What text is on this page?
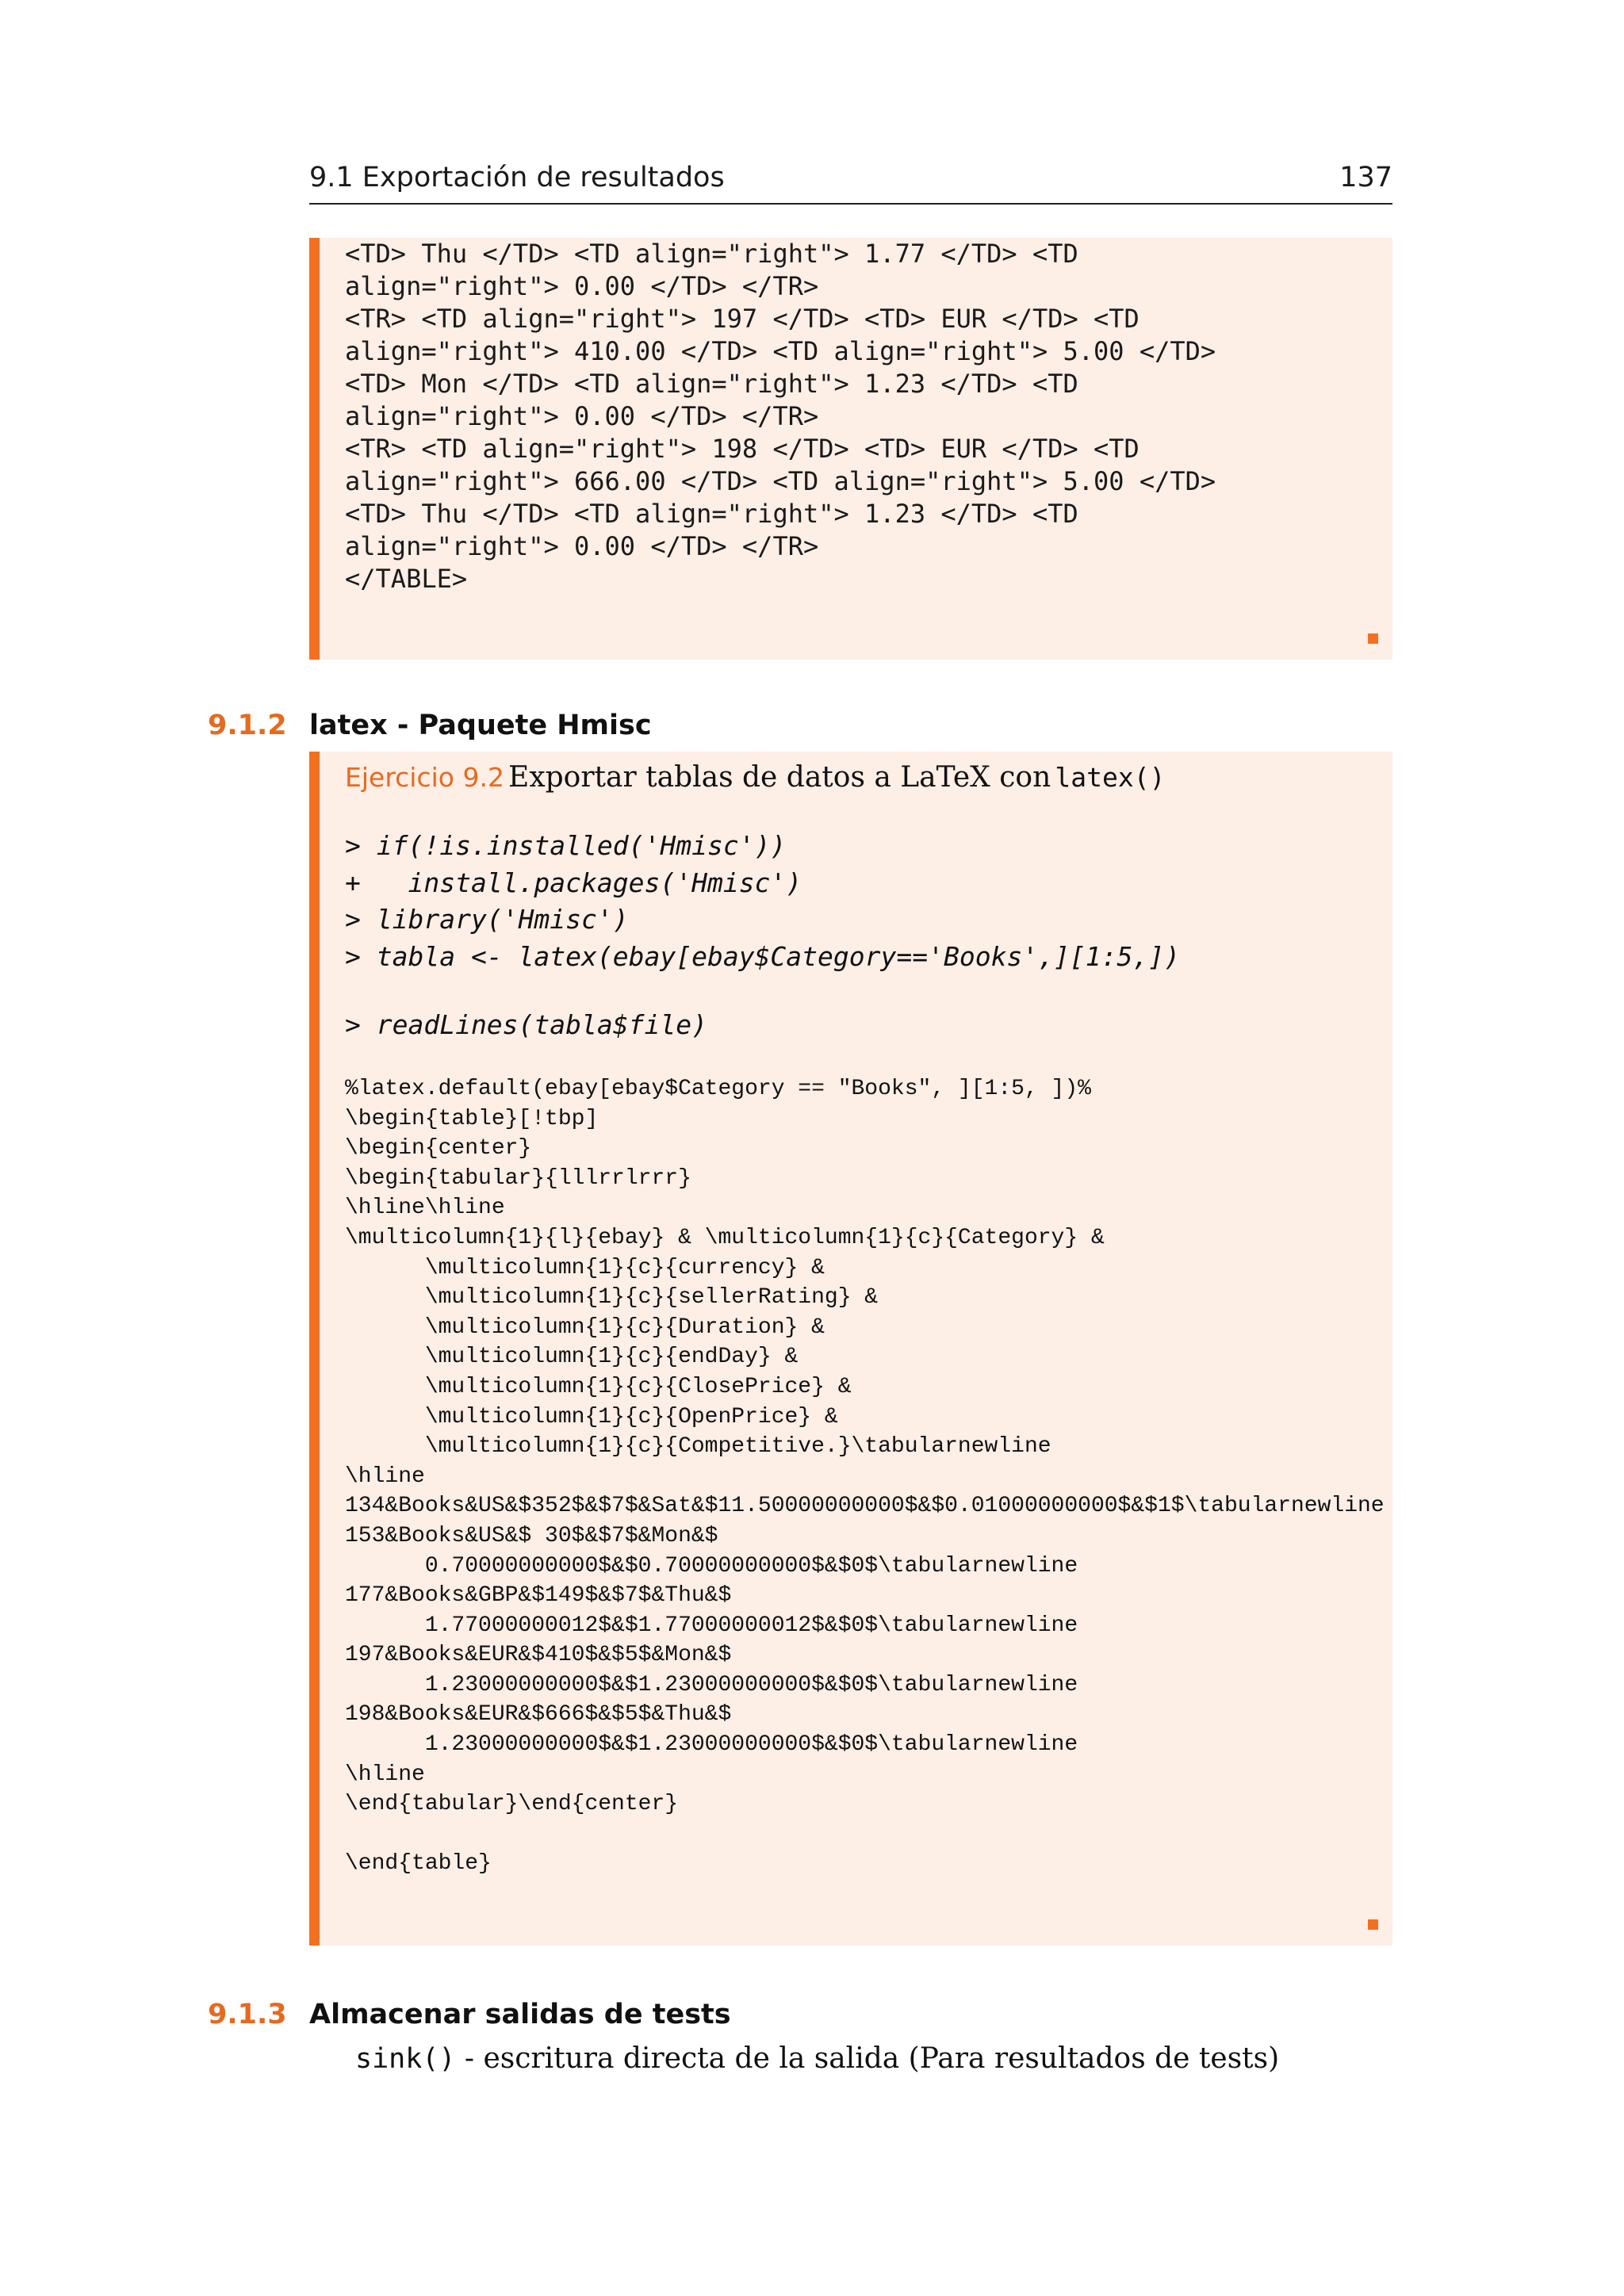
9.1 Exportación de resultados	137
<TD> Thu </TD> <TD align="right"> 1.77 </TD> <TD
align="right"> 0.00 </TD> </TR>
<TR> <TD align="right"> 197 </TD> <TD> EUR </TD> <TD
align="right"> 410.00 </TD> <TD align="right"> 5.00 </TD>
<TD> Mon </TD> <TD align="right"> 1.23 </TD> <TD
align="right"> 0.00 </TD> </TR>
<TR> <TD align="right"> 198 </TD> <TD> EUR </TD> <TD
align="right"> 666.00 </TD> <TD align="right"> 5.00 </TD>
<TD> Thu </TD> <TD align="right"> 1.23 </TD> <TD
align="right"> 0.00 </TD> </TR>
</TABLE>
9.1.2 latex - Paquete Hmisc
Ejercicio 9.2 Exportar tablas de datos a LaTeX con latex()
> if(!is.installed('Hmisc'))
+   install.packages('Hmisc')
> library('Hmisc')
> tabla <- latex(ebay[ebay$Category=='Books',][1:5,])
> readLines(tabla$file)
%latex.default(ebay[ebay$Category == "Books", ][1:5, ])%
\begin{table}[!tbp]
\begin{center}
\begin{tabular}{lllrrlrrr}
\hline\hline
\multicolumn{1}{l}{ebay} & \multicolumn{1}{c}{Category} &
\multicolumn{1}{c}{currency} &
\multicolumn{1}{c}{sellerRating} &
\multicolumn{1}{c}{Duration} &
\multicolumn{1}{c}{endDay} &
\multicolumn{1}{c}{ClosePrice} &
\multicolumn{1}{c}{OpenPrice} &
\multicolumn{1}{c}{Competitive.}\tabularnewline
\hline
134&Books&US&$352$&$7$&Sat&$11.50000000000$&$0.01000000000$&$1$\tabularnewline
153&Books&US&$ 30$&$7$&Mon&$
0.70000000000$&$0.70000000000$&$0$\tabularnewline
177&Books&GBP&$149$&$7$&Thu&$
1.77000000012$&$1.77000000012$&$0$\tabularnewline
197&Books&EUR&$410$&$5$&Mon&$
1.23000000000$&$1.23000000000$&$0$\tabularnewline
198&Books&EUR&$666$&$5$&Thu&$
1.23000000000$&$1.23000000000$&$0$\tabularnewline
\hline
\end{tabular}\end{center}

\end{table}
9.1.3 Almacenar salidas de tests
sink() - escritura directa de la salida (Para resultados de tests)
